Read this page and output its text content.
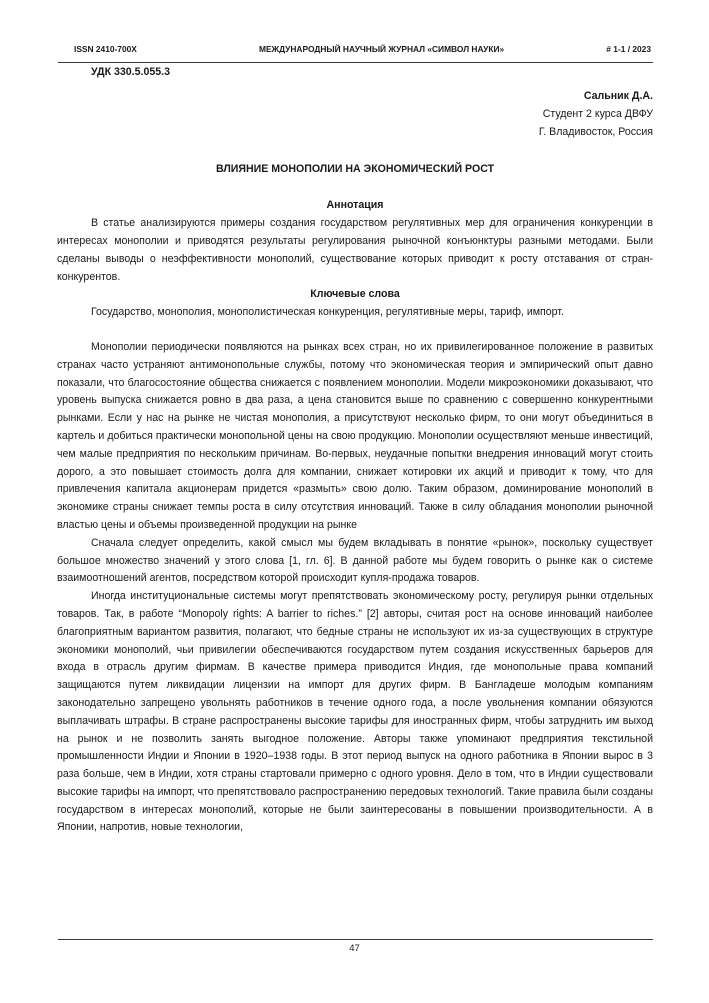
ISSN 2410-700X	МЕЖДУНАРОДНЫЙ НАУЧНЫЙ ЖУРНАЛ «СИМВОЛ НАУКИ»	# 1-1 / 2023
УДК 330.5.055.3
Сальник Д.А.
Студент 2 курса ДВФУ
Г. Владивосток, Россия
ВЛИЯНИЕ МОНОПОЛИИ НА ЭКОНОМИЧЕСКИЙ РОСТ
Аннотация

В статье анализируются примеры создания государством регулятивных мер для ограничения конкуренции в интересах монополии и приводятся результаты регулирования рыночной конъюнктуры разными методами. Были сделаны выводы о неэффективности монополий, существование которых приводит к росту отставания от стран-конкурентов.

Ключевые слова

Государство, монополия, монополистическая конкуренция, регулятивные меры, тариф, импорт.

Монополии периодически появляются на рынках всех стран, но их привилегированное положение в развитых странах часто устраняют антимонопольные службы, потому что экономическая теория и эмпирический опыт давно показали, что благосостояние общества снижается с появлением монополии. Модели микроэкономики доказывают, что уровень выпуска снижается ровно в два раза, а цена становится выше по сравнению с совершенно конкурентными рынками. Если у нас на рынке не чистая монополия, а присутствуют несколько фирм, то они могут объединиться в картель и добиться практически монопольной цены на свою продукцию. Монополии осуществляют меньше инвестиций, чем малые предприятия по нескольким причинам. Во-первых, неудачные попытки внедрения инноваций могут стоить дорого, а это повышает стоимость долга для компании, снижает котировки их акций и приводит к тому, что для привлечения капитала акционерам придется «размыть» свою долю. Таким образом, доминирование монополий в экономике страны снижает темпы роста в силу отсутствия инноваций. Также в силу обладания монополии рыночной властью цены и объемы произведенной продукции на рынке

Сначала следует определить, какой смысл мы будем вкладывать в понятие «рынок», поскольку существует большое множество значений у этого слова [1, гл. 6]. В данной работе мы будем говорить о рынке как о системе взаимоотношений агентов, посредством которой происходит купля-продажа товаров.

Иногда институциональные системы могут препятствовать экономическому росту, регулируя рынки отдельных товаров. Так, в работе “Monopoly rights: A barrier to riches.” [2] авторы, считая рост на основе инноваций наиболее благоприятным вариантом развития, полагают, что бедные страны не используют их из-за существующих в структуре экономики монополий, чьи привилегии обеспечиваются государством путем создания искусственных барьеров для входа в отрасль другим фирмам. В качестве примера приводится Индия, где монопольные права компаний защищаются путем ликвидации лицензии на импорт для других фирм. В Бангладеше молодым компаниям законодательно запрещено увольнять работников в течение одного года, а после увольнения компании обязуются выплачивать штрафы. В стране распространены высокие тарифы для иностранных фирм, чтобы затруднить им выход на рынок и не позволить занять выгодное положение. Авторы также упоминают предприятия текстильной промышленности Индии и Японии в 1920–1938 годы. В этот период выпуск на одного работника в Японии вырос в 3 раза больше, чем в Индии, хотя страны стартовали примерно с одного уровня. Дело в том, что в Индии существовали высокие тарифы на импорт, что препятствовало распространению передовых технологий. Такие правила были созданы государством в интересах монополий, которые не были заинтересованы в повышении производительности. А в Японии, напротив, новые технологии,

47
